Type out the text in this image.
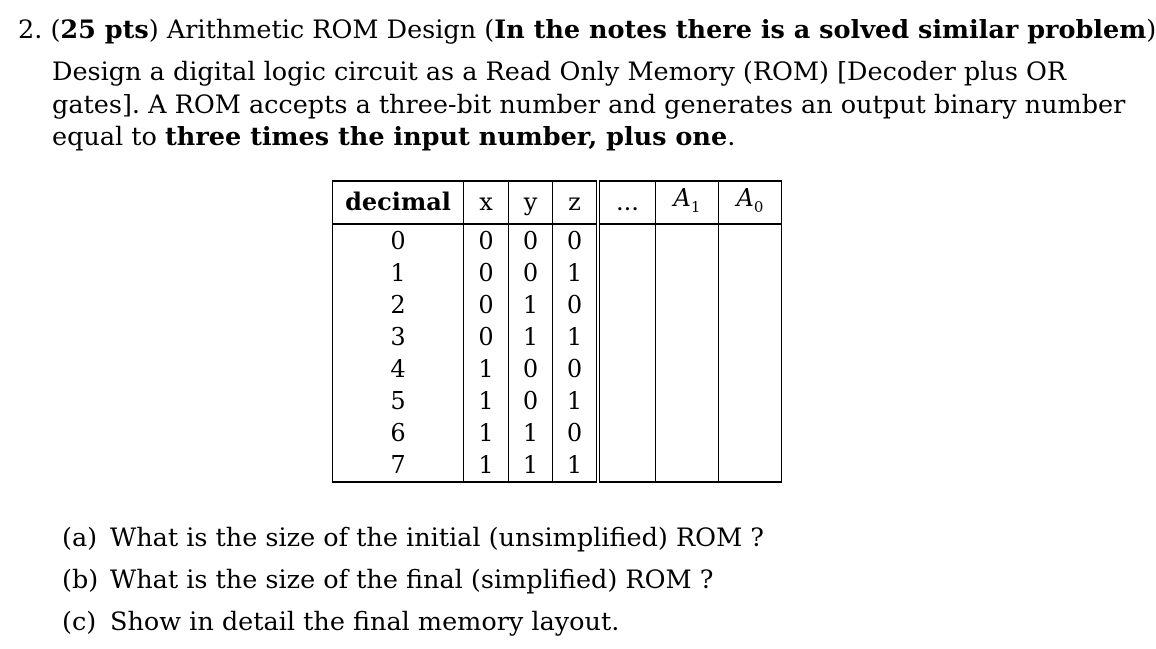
2. (25 pts) Arithmetic ROM Design (In the notes there is a solved similar problem)
Design a digital logic circuit as a Read Only Memory (ROM) [Decoder plus OR gates]. A ROM accepts a three-bit number and generates an output binary number equal to three times the input number, plus one.
decimal	x	y	z	...	$A_1$	$A_0$
0	0	0	0			
1	0	0	1			
2	0	1	0			
3	0	1	1			
4	1	0	0			
5	1	0	1			
6	1	1	0			
7	1	1	1			
(a) What is the size of the initial (unsimplified) ROM ?
(b) What is the size of the final (simplified) ROM ?
(c) Show in detail the final memory layout.
